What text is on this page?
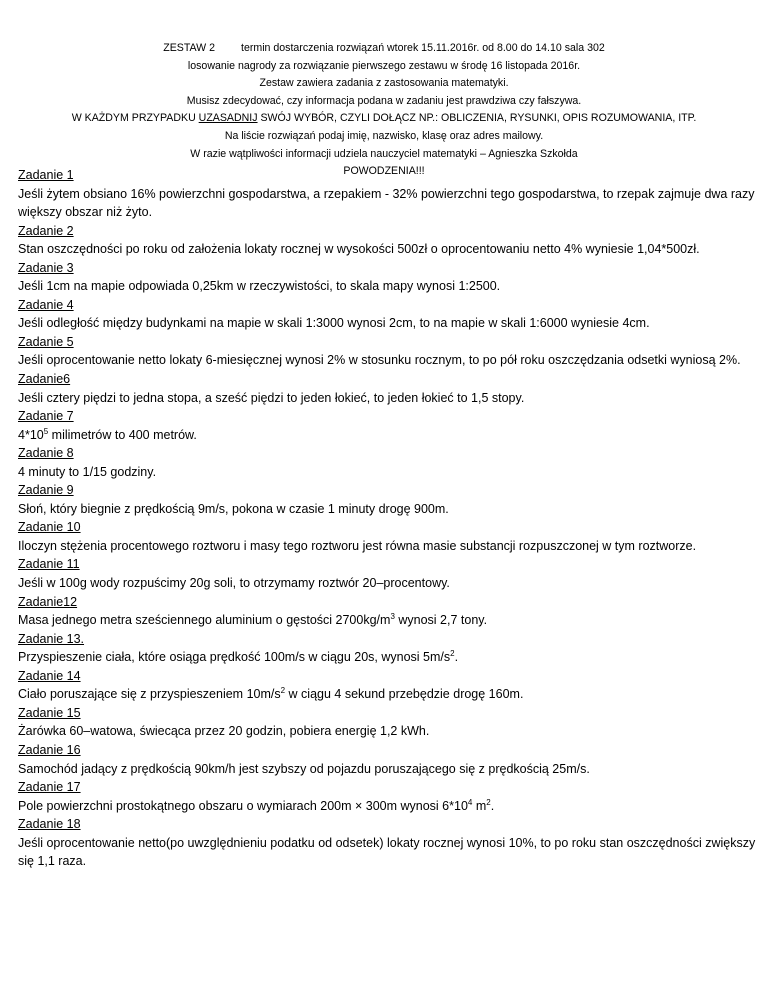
ZESTAW 2 termin dostarczenia rozwiązań wtorek 15.11.2016r. od 8.00 do 14.10 sala 302
losowanie nagrody za rozwiązanie pierwszego zestawu w środę 16 listopada 2016r.
Zestaw zawiera zadania z zastosowania matematyki.
Musisz zdecydować, czy informacja podana w zadaniu jest prawdziwa czy fałszywa.
W KAŻDYM PRZYPADKU UZASADNIJ SWÓJ WYBÓR, CZYLI DOŁĄCZ NP.: OBLICZENIA, RYSUNKI, OPIS ROZUMOWANIA, ITP.
Na liście rozwiązań podaj imię, nazwisko, klasę oraz adres mailowy.
W razie wątpliwości informacji udziela nauczyciel matematyki – Agnieszka Szkołda
POWODZENIA!!!
Zadanie 1
Jeśli żytem obsiano 16% powierzchni gospodarstwa, a rzepakiem - 32% powierzchni tego gospodarstwa, to rzepak zajmuje dwa razy większy obszar niż żyto.
Zadanie 2
Stan oszczędności po roku od założenia lokaty rocznej w wysokości 500zł o oprocentowaniu netto 4% wyniesie 1,04*500zł.
Zadanie 3
Jeśli 1cm na mapie odpowiada 0,25km w rzeczywistości, to skala mapy wynosi 1:2500.
Zadanie 4
Jeśli odległość między budynkami na mapie w skali 1:3000 wynosi 2cm, to na mapie w skali 1:6000 wyniesie 4cm.
Zadanie 5
Jeśli oprocentowanie netto lokaty 6-miesięcznej wynosi 2% w stosunku rocznym, to po pół roku oszczędzania odsetki wyniosą 2%.
Zadanie6
Jeśli cztery piędzi to jedna stopa, a sześć piędzi to jeden łokieć, to jeden łokieć to 1,5 stopy.
Zadanie 7
$4*10^5$ milimetrów to 400 metrów.
Zadanie 8
4 minuty to 1/15 godziny.
Zadanie 9
Słoń, który biegnie z prędkością 9m/s, pokona w czasie 1 minuty drogę 900m.
Zadanie 10
Iloczyn stężenia procentowego roztworu i masy tego roztworu jest równa masie substancji rozpuszczonej w tym roztworze.
Zadanie 11
Jeśli w 100g wody rozpuścimy 20g soli, to otrzymamy roztwór 20–procentowy.
Zadanie12
Masa jednego metra sześciennego aluminium o gęstości $2700kg/m^3$ wynosi 2,7 tony.
Zadanie 13.
Przyspieszenie ciała, które osiąga prędkość 100m/s w ciągu 20s, wynosi $5m/s^2$.
Zadanie 14
Ciało poruszające się z przyspieszeniem $10m/s^2$ w ciągu 4 sekund przebędzie drogę 160m.
Zadanie 15
Żarówka 60–watowa, świecąca przez 20 godzin, pobiera energię 1,2 kWh.
Zadanie 16
Samochód jadący z prędkością 90km/h jest szybszy od pojazdu poruszającego się z prędkością 25m/s.
Zadanie 17
Pole powierzchni prostokątnego obszaru o wymiarach 200m × 300m wynosi $6*10^4$ $m^2$.
Zadanie 18
Jeśli oprocentowanie netto(po uwzględnieniu podatku od odsetek) lokaty rocznej wynosi 10%, to po roku stan oszczędności zwiększy się 1,1 raza.
